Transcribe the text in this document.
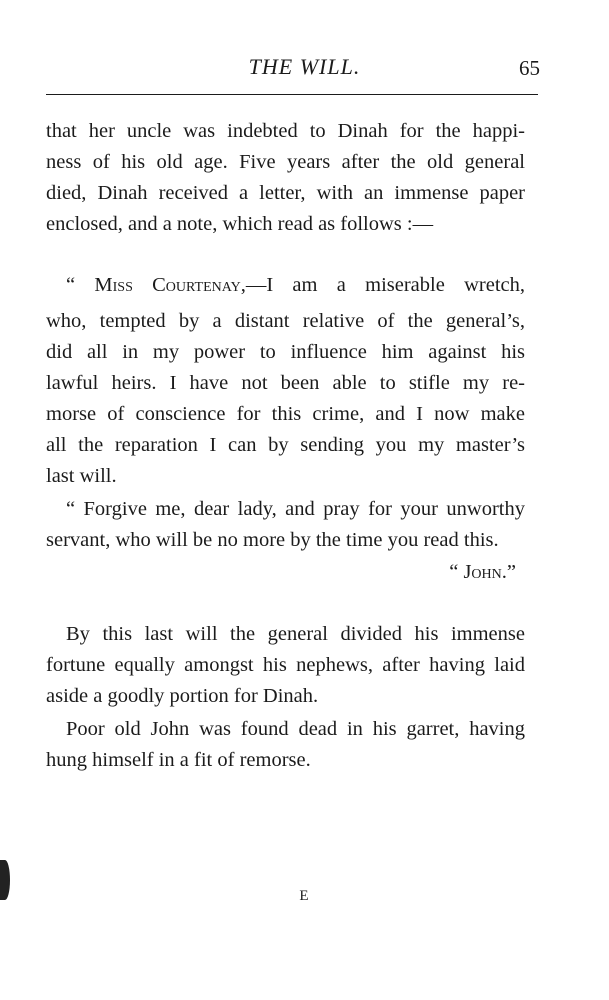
THE WILL.	65
that her uncle was indebted to Dinah for the happi-
ness of his old age. Five years after the old general
died, Dinah received a letter, with an immense paper
enclosed, and a note, which read as follows :—
“ Miss Courtenay,—I am a miserable wretch,
who, tempted by a distant relative of the general’s,
did all in my power to influence him against his
lawful heirs. I have not been able to stifle my re-
morse of conscience for this crime, and I now make
all the reparation I can by sending you my master’s
last will.
“ Forgive me, dear lady, and pray for your unworthy
servant, who will be no more by the time you read this.
“ John.”
By this last will the general divided his immense
fortune equally amongst his nephews, after having laid
aside a goodly portion for Dinah.
Poor old John was found dead in his garret, having
hung himself in a fit of remorse.
E
